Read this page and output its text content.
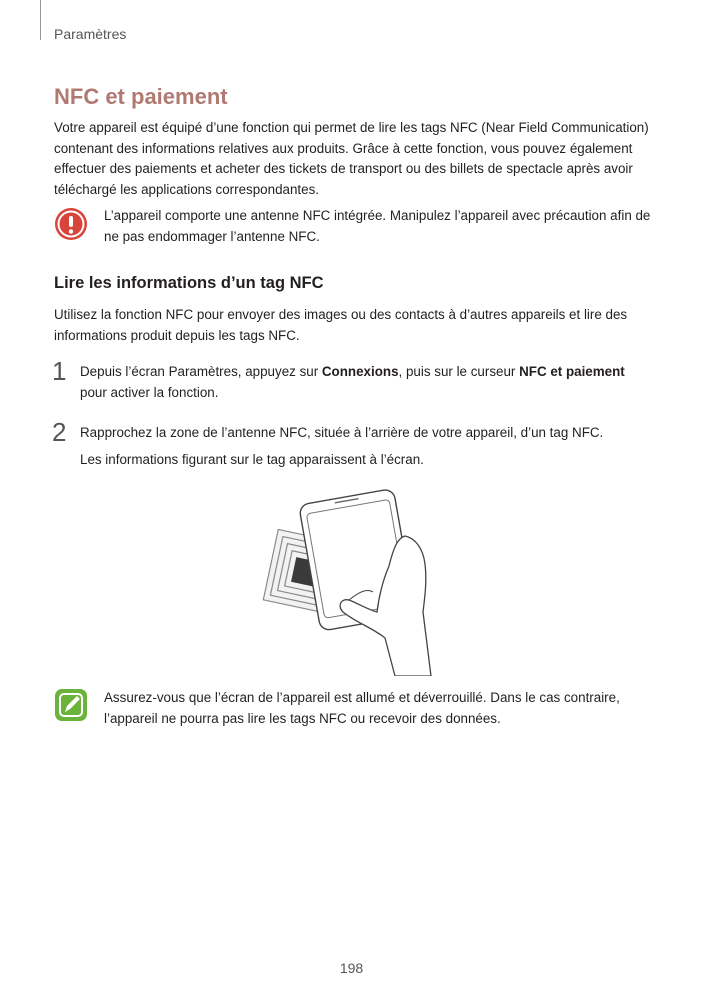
Paramètres
NFC et paiement

Votre appareil est équipé d’une fonction qui permet de lire les tags NFC (Near Field Communication) contenant des informations relatives aux produits. Grâce à cette fonction, vous pouvez également effectuer des paiements et acheter des tickets de transport ou des billets de spectacle après avoir téléchargé les applications correspondantes.

L’appareil comporte une antenne NFC intégrée. Manipulez l’appareil avec précaution afin de ne pas endommager l’antenne NFC.

Lire les informations d’un tag NFC

Utilisez la fonction NFC pour envoyer des images ou des contacts à d’autres appareils et lire des informations produit depuis les tags NFC.

1 Depuis l’écran Paramètres, appuyez sur Connexions, puis sur le curseur NFC et paiement pour activer la fonction.

2 Rapprochez la zone de l’antenne NFC, située à l’arrière de votre appareil, d’un tag NFC.

Les informations figurant sur le tag apparaissent à l’écran.

Assurez-vous que l’écran de l’appareil est allumé et déverrouillé. Dans le cas contraire, l’appareil ne pourra pas lire les tags NFC ou recevoir des données.

198
